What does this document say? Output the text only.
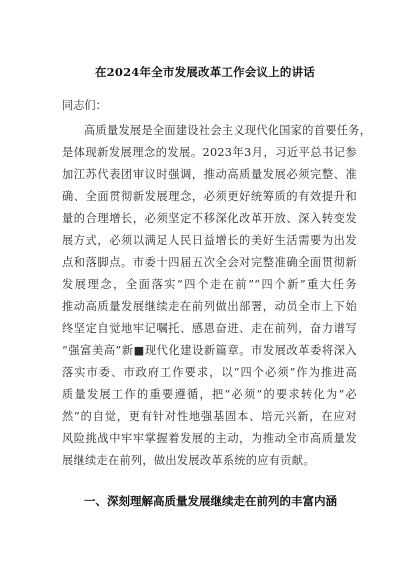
在2024年全市发展改革工作会议上的讲话
同志们：
高质量发展是全面建设社会主义现代化国家的首要任务，
是体现新发展理念的发展。2023年3月，习近平总书记参
加江苏代表团审议时强调，推动高质量发展必须完整、准
确、全面贯彻新发展理念，必须更好统筹质的有效提升和
量的合理增长，必须坚定不移深化改革开放、深入转变发
展方式，必须以满足人民日益增长的美好生活需要为出发
点和落脚点。市委十四届五次全会对完整准确全面贯彻新
发展理念，全面落实“四个走在前”“四个新”重大任务
推动高质量发展继续走在前列做出部署，动员全市上下始
终坚定自觉地牢记嘱托、感恩奋进、走在前列，奋力谱写
“强富美高”新■现代化建设新篇章。市发展改革委将深入
落实市委、市政府工作要求，以“四个必须”作为推进高
质量发展工作的重要遵循，把“必须”的要求转化为“必
然”的自觉，更有针对性地强基固本、培元兴新，在应对
风险挑战中牢牢掌握着发展的主动，为推动全市高质量发
展继续走在前列，做出发展改革系统的应有贡献。
一、深刻理解高质量发展继续走在前列的丰富内涵
